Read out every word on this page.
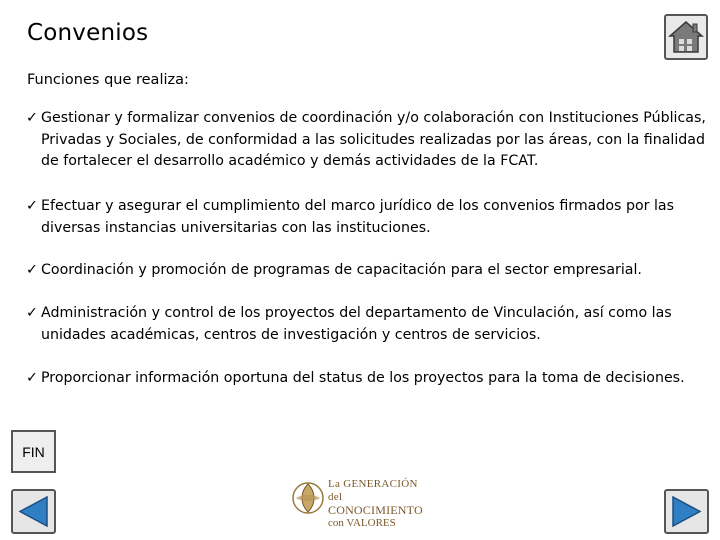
Convenios
Funciones que realiza:
✓ Gestionar y formalizar convenios de coordinación y/o colaboración con Instituciones Públicas, Privadas y Sociales, de conformidad a las solicitudes realizadas por las áreas, con la finalidad de fortalecer el desarrollo académico y demás actividades de la FCAT.
✓ Efectuar y asegurar el cumplimiento del marco jurídico de los convenios firmados por las diversas instancias universitarias con las instituciones.
✓ Coordinación y promoción de programas de capacitación para el sector empresarial.
✓ Administración y control de los proyectos del departamento de Vinculación, así como las unidades académicas, centros de investigación y centros de servicios.
✓ Proporcionar información oportuna del status de los proyectos para la toma de decisiones.
FIN
La GENERACIÓN del
CONOCIMIENTO
con VALORES
